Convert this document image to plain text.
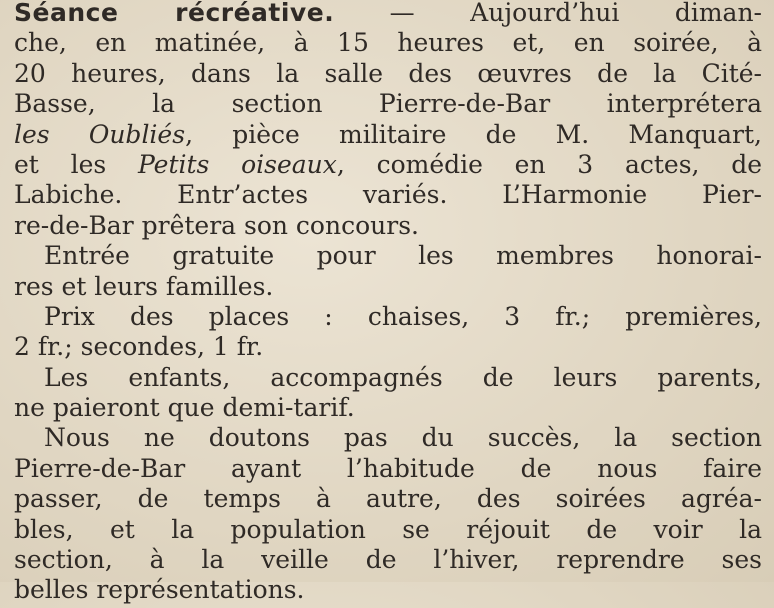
Séance récréative. — Aujourd’hui diman-
che, en matinée, à 15 heures et, en soirée, à
20 heures, dans la salle des œuvres de la Cité-
Basse, la section Pierre-de-Bar interprétera
les Oubliés, pièce militaire de M. Manquart,
et les Petits oiseaux, comédie en 3 actes, de
Labiche. Entr’actes variés. L’Harmonie Pier-
re-de-Bar prêtera son concours.
Entrée gratuite pour les membres honorai-
res et leurs familles.
Prix des places : chaises, 3 fr.; premières,
2 fr.; secondes, 1 fr.
Les enfants, accompagnés de leurs parents,
ne paieront que demi-tarif.
Nous ne doutons pas du succès, la section
Pierre-de-Bar ayant l’habitude de nous faire
passer, de temps à autre, des soirées agréa-
bles, et la population se réjouit de voir la
section, à la veille de l’hiver, reprendre ses
belles représentations.
